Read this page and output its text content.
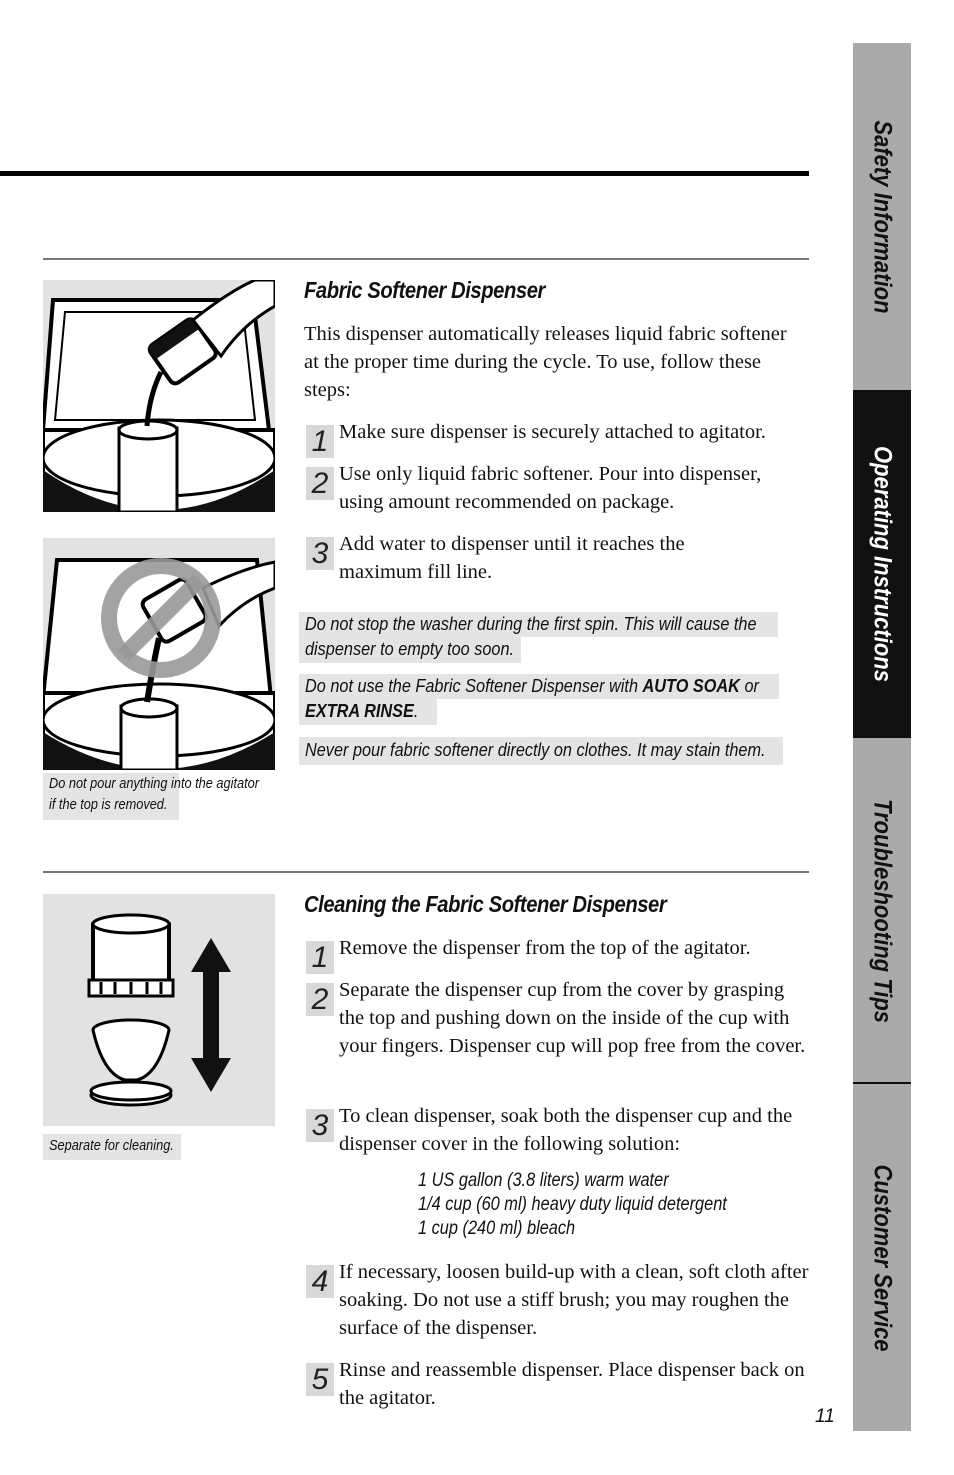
Safety Information
Operating Instructions
Troubleshooting Tips
Customer Service
Do not pour anything into the agitator
if the top is removed.
Fabric Softener Dispenser
This dispenser automatically releases liquid fabric softener at the proper time during the cycle. To use, follow these steps:
1 Make sure dispenser is securely attached to agitator.
2 Use only liquid fabric softener. Pour into dispenser, using amount recommended on package.
3 Add water to dispenser until it reaches the maximum fill line.
Do not stop the washer during the first spin. This will cause the
dispenser to empty too soon.
Do not use the Fabric Softener Dispenser with AUTO SOAK or
EXTRA RINSE.
Never pour fabric softener directly on clothes. It may stain them.
Separate for cleaning.
Cleaning the Fabric Softener Dispenser
1 Remove the dispenser from the top of the agitator.
2 Separate the dispenser cup from the cover by grasping the top and pushing down on the inside of the cup with your fingers. Dispenser cup will pop free from the cover.
3 To clean dispenser, soak both the dispenser cup and the dispenser cover in the following solution:
1 US gallon (3.8 liters) warm water
1/4 cup (60 ml) heavy duty liquid detergent
1 cup (240 ml) bleach
4 If necessary, loosen build-up with a clean, soft cloth after soaking. Do not use a stiff brush; you may roughen the surface of the dispenser.
5 Rinse and reassemble dispenser. Place dispenser back on the agitator.
11
